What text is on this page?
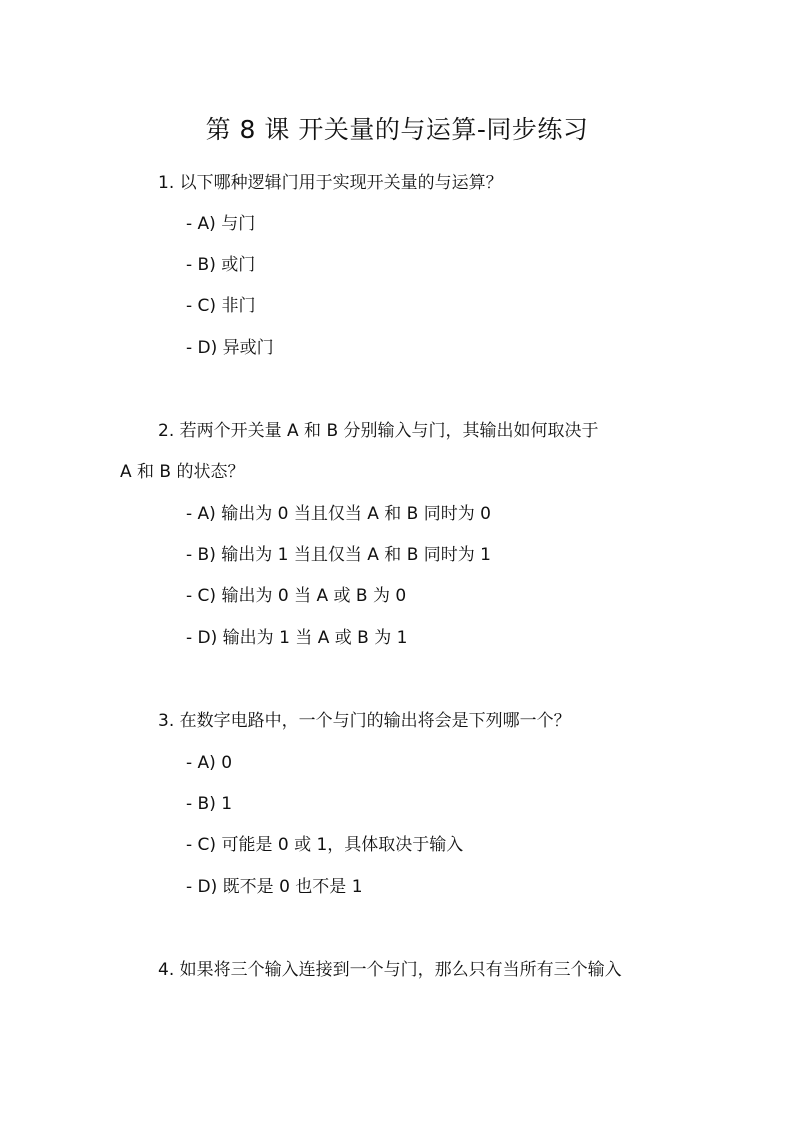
第 8 课 开关量的与运算-同步练习
1. 以下哪种逻辑门用于实现开关量的与运算？
- A) 与门
- B) 或门
- C) 非门
- D) 异或门
2. 若两个开关量 A 和 B 分别输入与门，其输出如何取决于
A 和 B 的状态？
- A) 输出为 0 当且仅当 A 和 B 同时为 0
- B) 输出为 1 当且仅当 A 和 B 同时为 1
- C) 输出为 0 当 A 或 B 为 0
- D) 输出为 1 当 A 或 B 为 1
3. 在数字电路中，一个与门的输出将会是下列哪一个？
- A) 0
- B) 1
- C) 可能是 0 或 1，具体取决于输入
- D) 既不是 0 也不是 1
4. 如果将三个输入连接到一个与门，那么只有当所有三个输入
